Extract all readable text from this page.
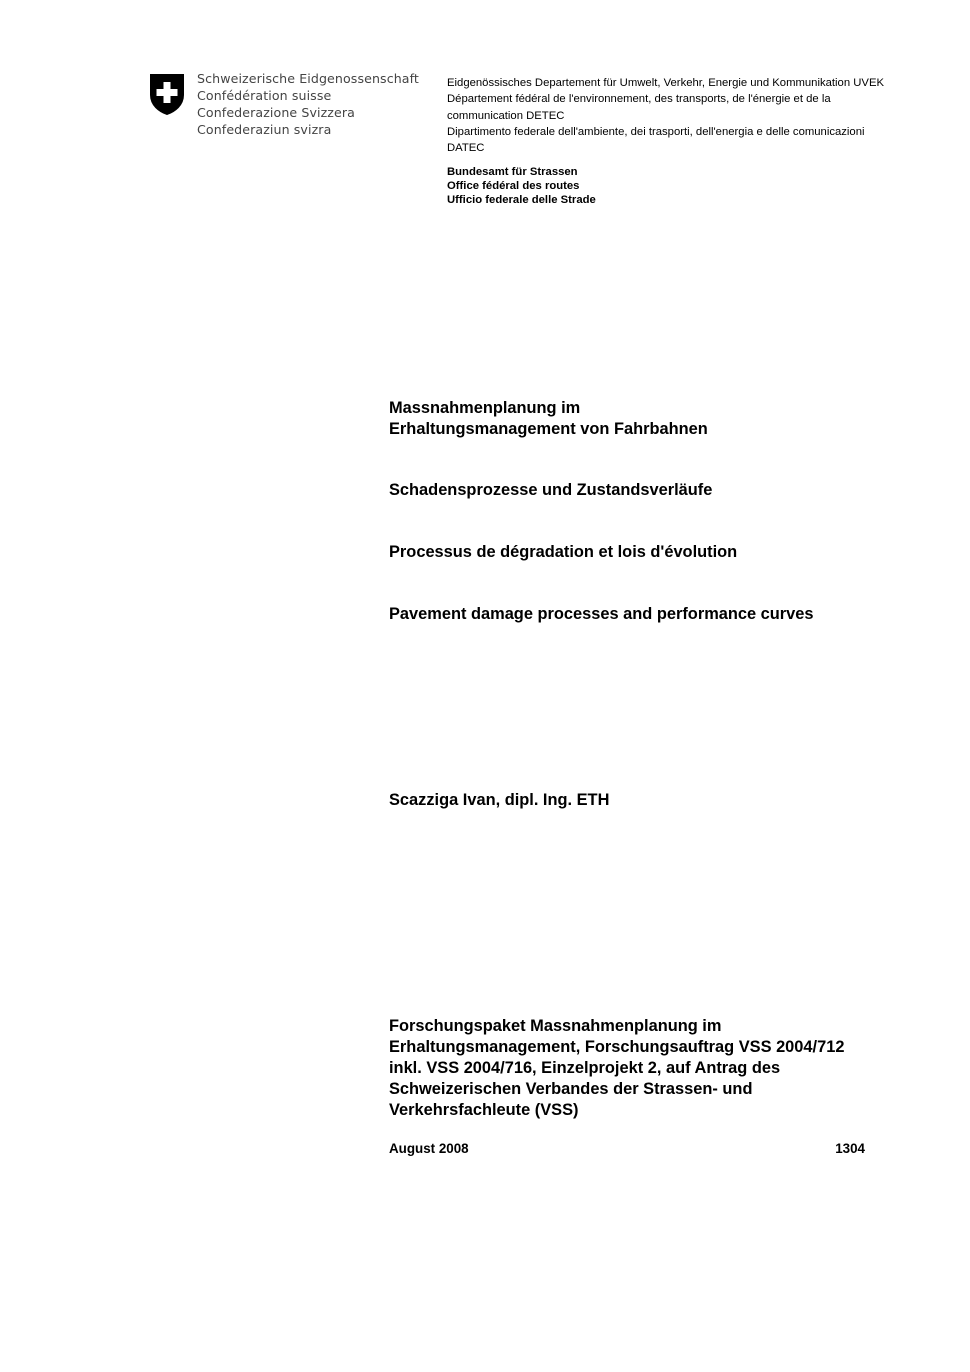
Schweizerische Eidgenossenschaft
Confédération suisse
Confederazione Svizzera
Confederaziun svizra
Eidgenössisches Departement für Umwelt, Verkehr, Energie und Kommunikation UVEK
Département fédéral de l'environnement, des transports, de l'énergie et de la
communication DETEC
Dipartimento federale dell'ambiente, dei trasporti, dell'energia e delle comunicazioni
DATEC
Bundesamt für Strassen
Office fédéral des routes
Ufficio federale delle Strade
Massnahmenplanung im
Erhaltungsmanagement von Fahrbahnen
Schadensprozesse und Zustandsverläufe
Processus de dégradation et lois d'évolution
Pavement damage processes and performance curves
Scazziga Ivan, dipl. Ing. ETH
Forschungspaket Massnahmenplanung im
Erhaltungsmanagement, Forschungsauftrag VSS 2004/712
inkl. VSS 2004/716, Einzelprojekt 2, auf Antrag des
Schweizerischen Verbandes der Strassen- und
Verkehrsfachleute (VSS)
August 2008	1304
